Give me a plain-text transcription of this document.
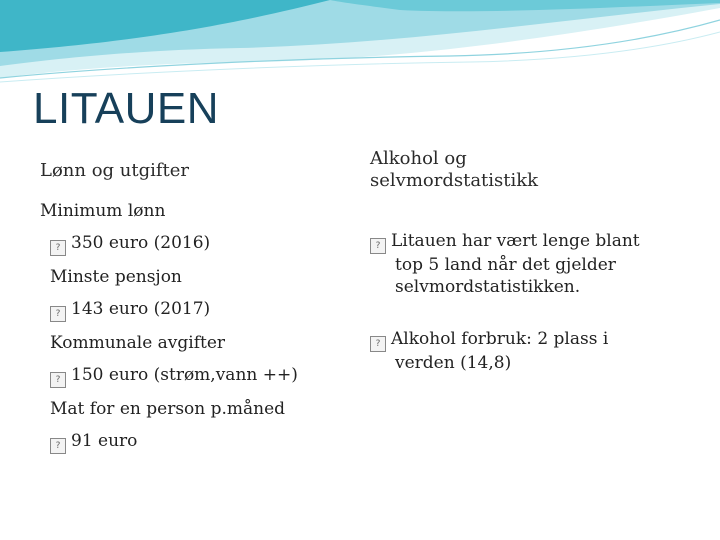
LITAUEN
Lønn og utgifter
Minimum lønn
? 350 euro (2016)
Minste pensjon
? 143 euro (2017)
Kommunale avgifter
? 150 euro (strøm,vann ++)
Mat for en person p.måned
? 91 euro
Alkohol og
selvmordstatistikk
? Litauen har vært lenge blant
top 5 land når det gjelder
selvmordstatistikken.
? Alkohol forbruk: 2 plass i
verden (14,8)
